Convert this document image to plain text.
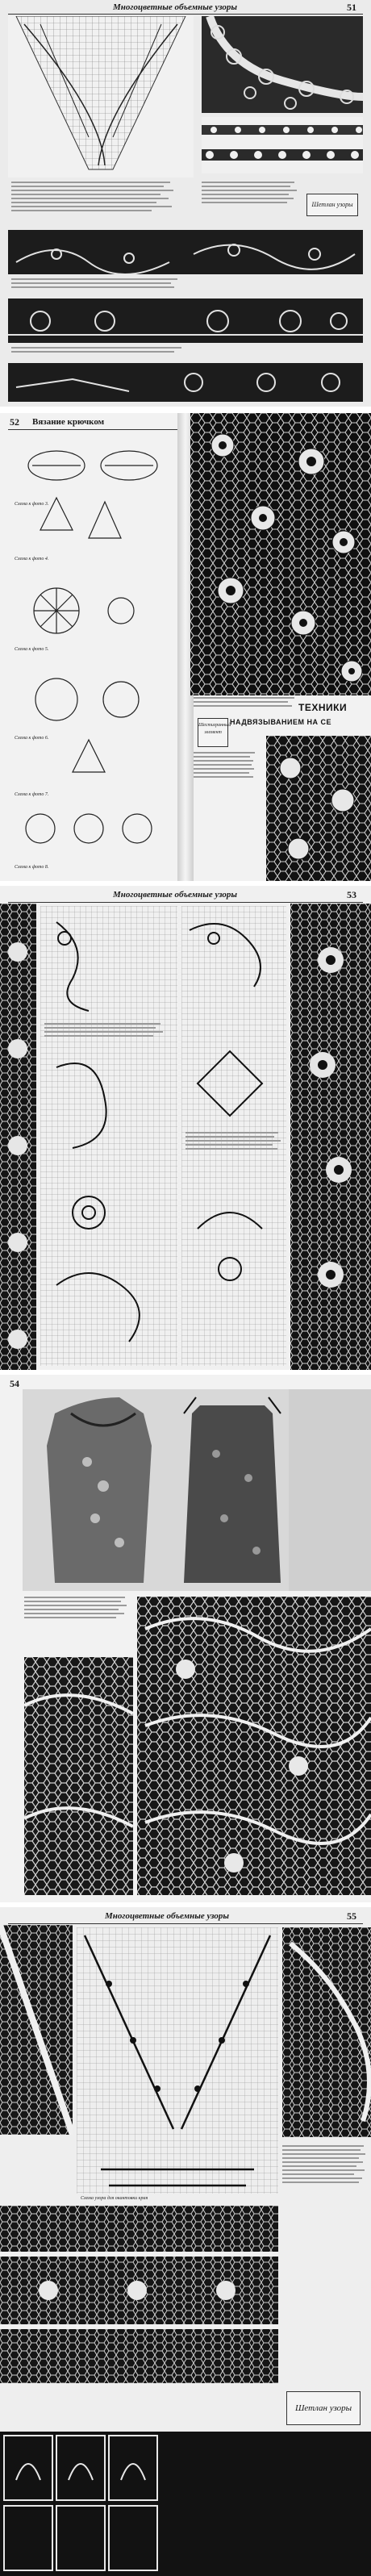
Многоцветные объемные узоры	51
Шетлан узоры
52 Вязание крючком
Схема к фото 3.
Схема к фото 4.
Схема к фото 5.
Схема к фото 6.
Схема к фото 7.
Схема к фото 8.
ТЕХНИКИ
НАДВЯЗЫВАНИЕМ НА СЕ
Шестигранный элемент
Многоцветные объемные узоры	53
54
Многоцветные объемные узоры	55
Схема узора для окантовки края
Шетлан узоры
